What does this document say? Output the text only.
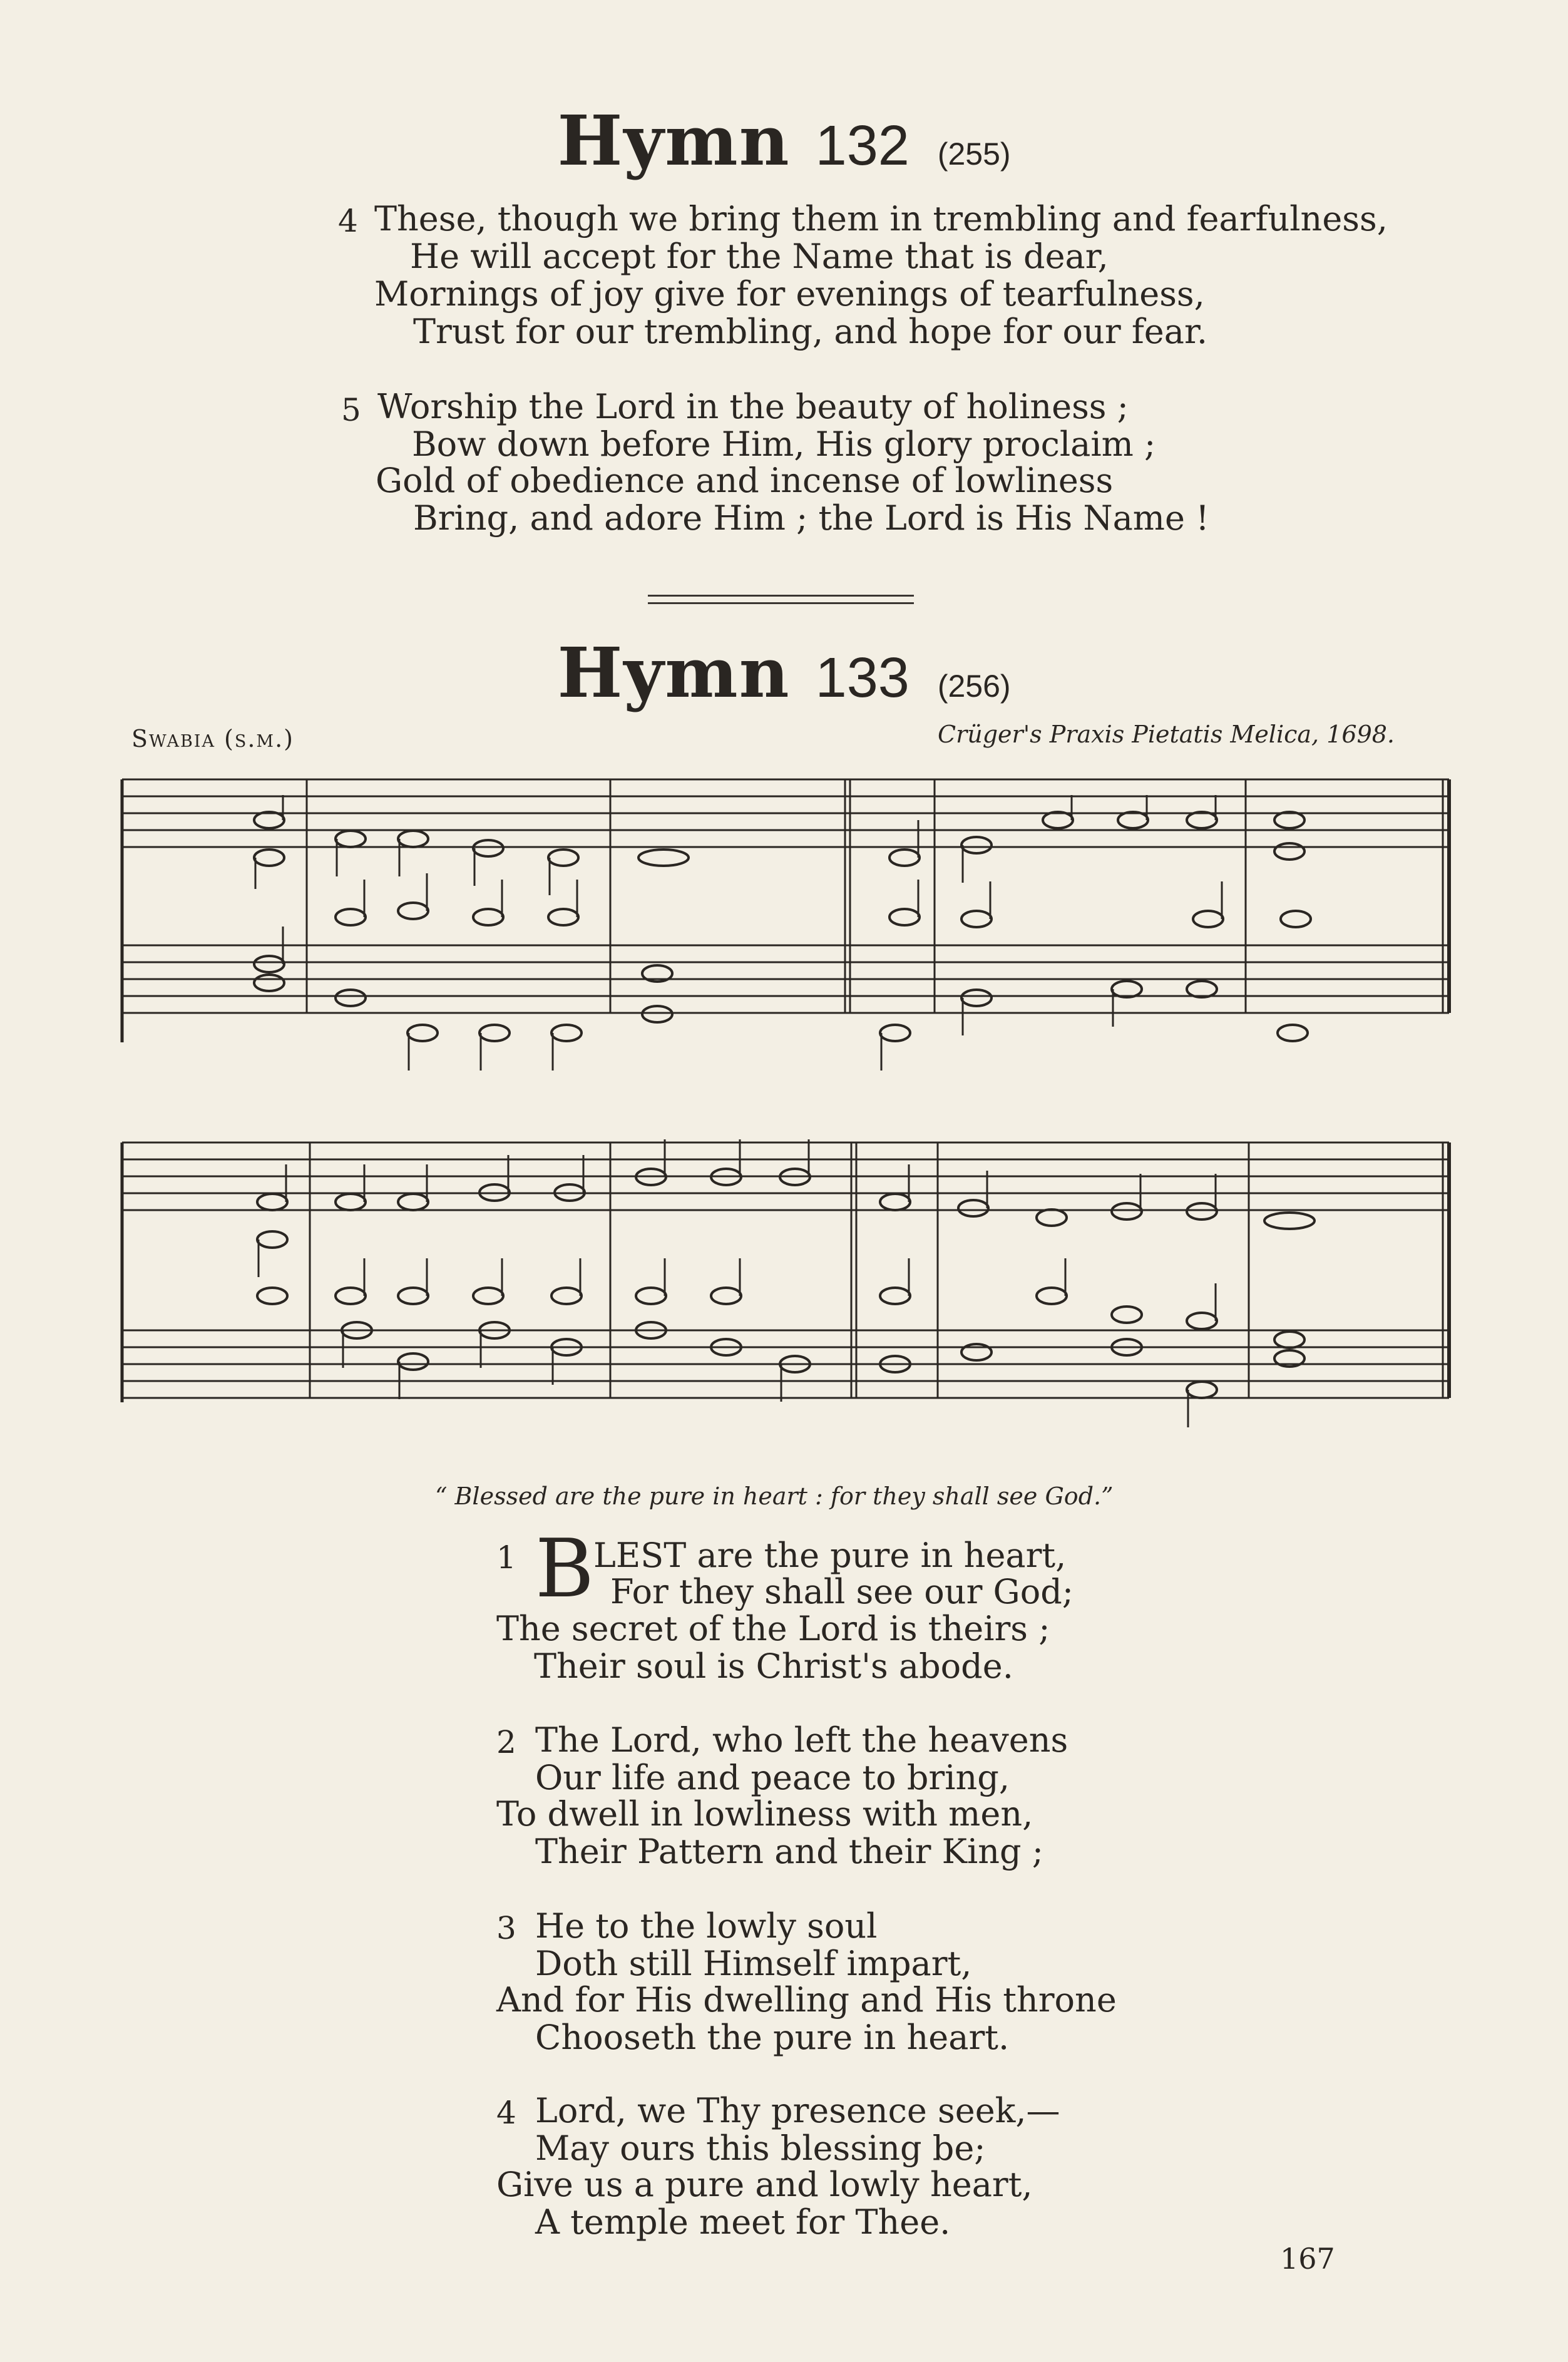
Hymn 132 (255)
4 These, though we bring them in trembling and fearfulness,
He will accept for the Name that is dear,
Mornings of joy give for evenings of tearfulness,
Trust for our trembling, and hope for our fear.
5 Worship the Lord in the beauty of holiness ;
Bow down before Him, His glory proclaim ;
Gold of obedience and incense of lowliness
Bring, and adore Him ; the Lord is His Name !
Hymn 133 (256)
Swabia (s.m.)	Crüger's Praxis Pietatis Melica, 1698.
“ Blessed are the pure in heart : for they shall see God.”
1 B
LEST are the pure in heart,
For they shall see our God;
The secret of the Lord is theirs ;
Their soul is Christ's abode.
2 The Lord, who left the heavens
Our life and peace to bring,
To dwell in lowliness with men,
Their Pattern and their King ;
3 He to the lowly soul
Doth still Himself impart,
And for His dwelling and His throne
Chooseth the pure in heart.
4 Lord, we Thy presence seek,—
May ours this blessing be;
Give us a pure and lowly heart,
A temple meet for Thee.
167
